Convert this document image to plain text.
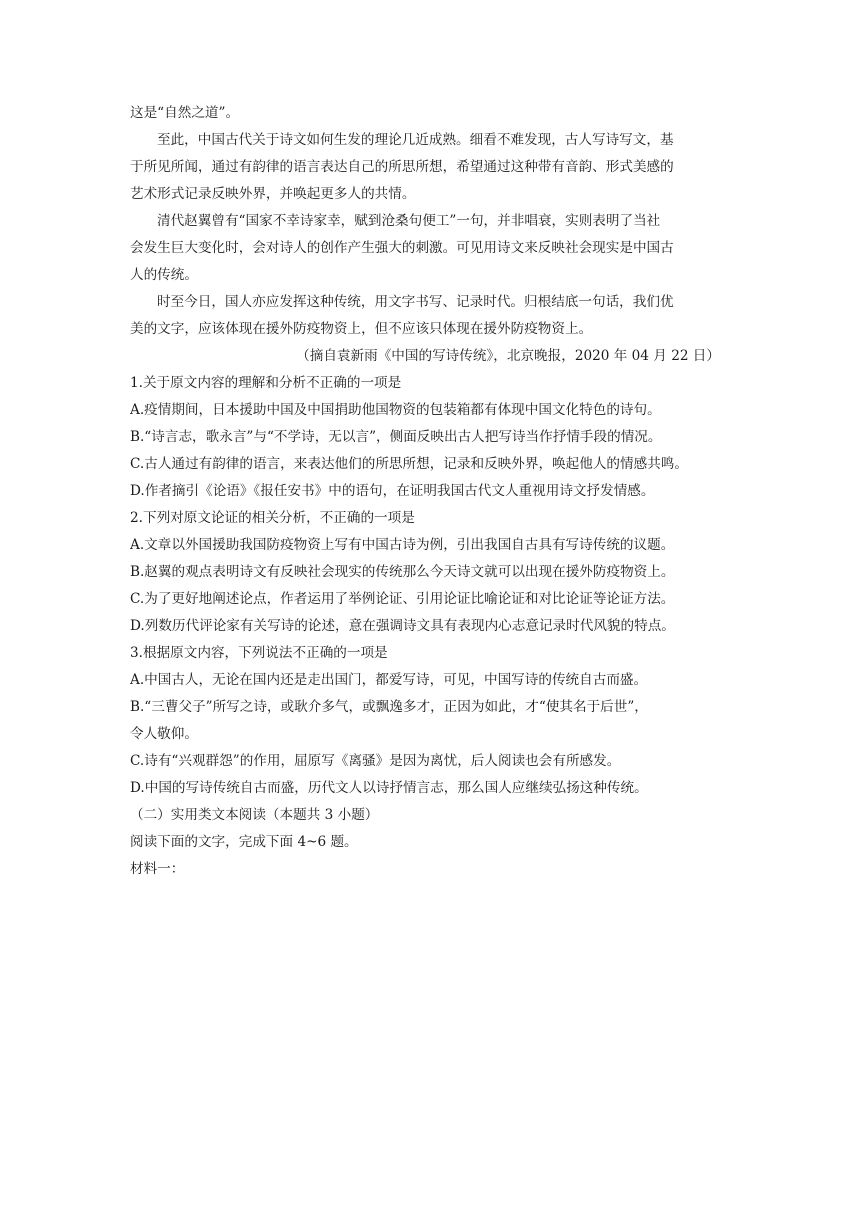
这是“自然之道”。
至此，中国古代关于诗文如何生发的理论几近成熟。细看不难发现，古人写诗写文，基
于所见所闻，通过有韵律的语言表达自己的所思所想，希望通过这种带有音韵、形式美感的
艺术形式记录反映外界，并唤起更多人的共情。
清代赵翼曾有“国家不幸诗家幸，赋到沧桑句便工”一句，并非唱衰，实则表明了当社
会发生巨大变化时，会对诗人的创作产生强大的刺激。可见用诗文来反映社会现实是中国古
人的传统。
时至今日，国人亦应发挥这种传统，用文字书写、记录时代。归根结底一句话，我们优
美的文字，应该体现在援外防疫物资上，但不应该只体现在援外防疫物资上。
（摘自袁新雨《中国的写诗传统》，北京晚报，2020 年 04 月 22 日）
1.关于原文内容的理解和分析不正确的一项是
A.疫情期间，日本援助中国及中国捐助他国物资的包装箱都有体现中国文化特色的诗句。
B.“诗言志，歌永言”与“不学诗，无以言”，侧面反映出古人把写诗当作抒情手段的情况。
C.古人通过有韵律的语言，来表达他们的所思所想，记录和反映外界，唤起他人的情感共鸣。
D.作者摘引《论语》《报任安书》中的语句，在证明我国古代文人重视用诗文抒发情感。
2.下列对原文论证的相关分析，不正确的一项是
A.文章以外国援助我国防疫物资上写有中国古诗为例，引出我国自古具有写诗传统的议题。
B.赵翼的观点表明诗文有反映社会现实的传统那么今天诗文就可以出现在援外防疫物资上。
C.为了更好地阐述论点，作者运用了举例论证、引用论证比喻论证和对比论证等论证方法。
D.列数历代评论家有关写诗的论述，意在强调诗文具有表现内心志意记录时代风貌的特点。
3.根据原文内容，下列说法不正确的一项是
A.中国古人，无论在国内还是走出国门，都爱写诗，可见，中国写诗的传统自古而盛。
B.“三曹父子”所写之诗，或耿介多气，或飘逸多才，正因为如此，才“使其名于后世”，
令人敬仰。
C.诗有“兴观群怨”的作用，屈原写《离骚》是因为离忧，后人阅读也会有所感发。
D.中国的写诗传统自古而盛，历代文人以诗抒情言志，那么国人应继续弘扬这种传统。
（二）实用类文本阅读（本题共 3 小题）
阅读下面的文字，完成下面 4~6 题。
材料一：
